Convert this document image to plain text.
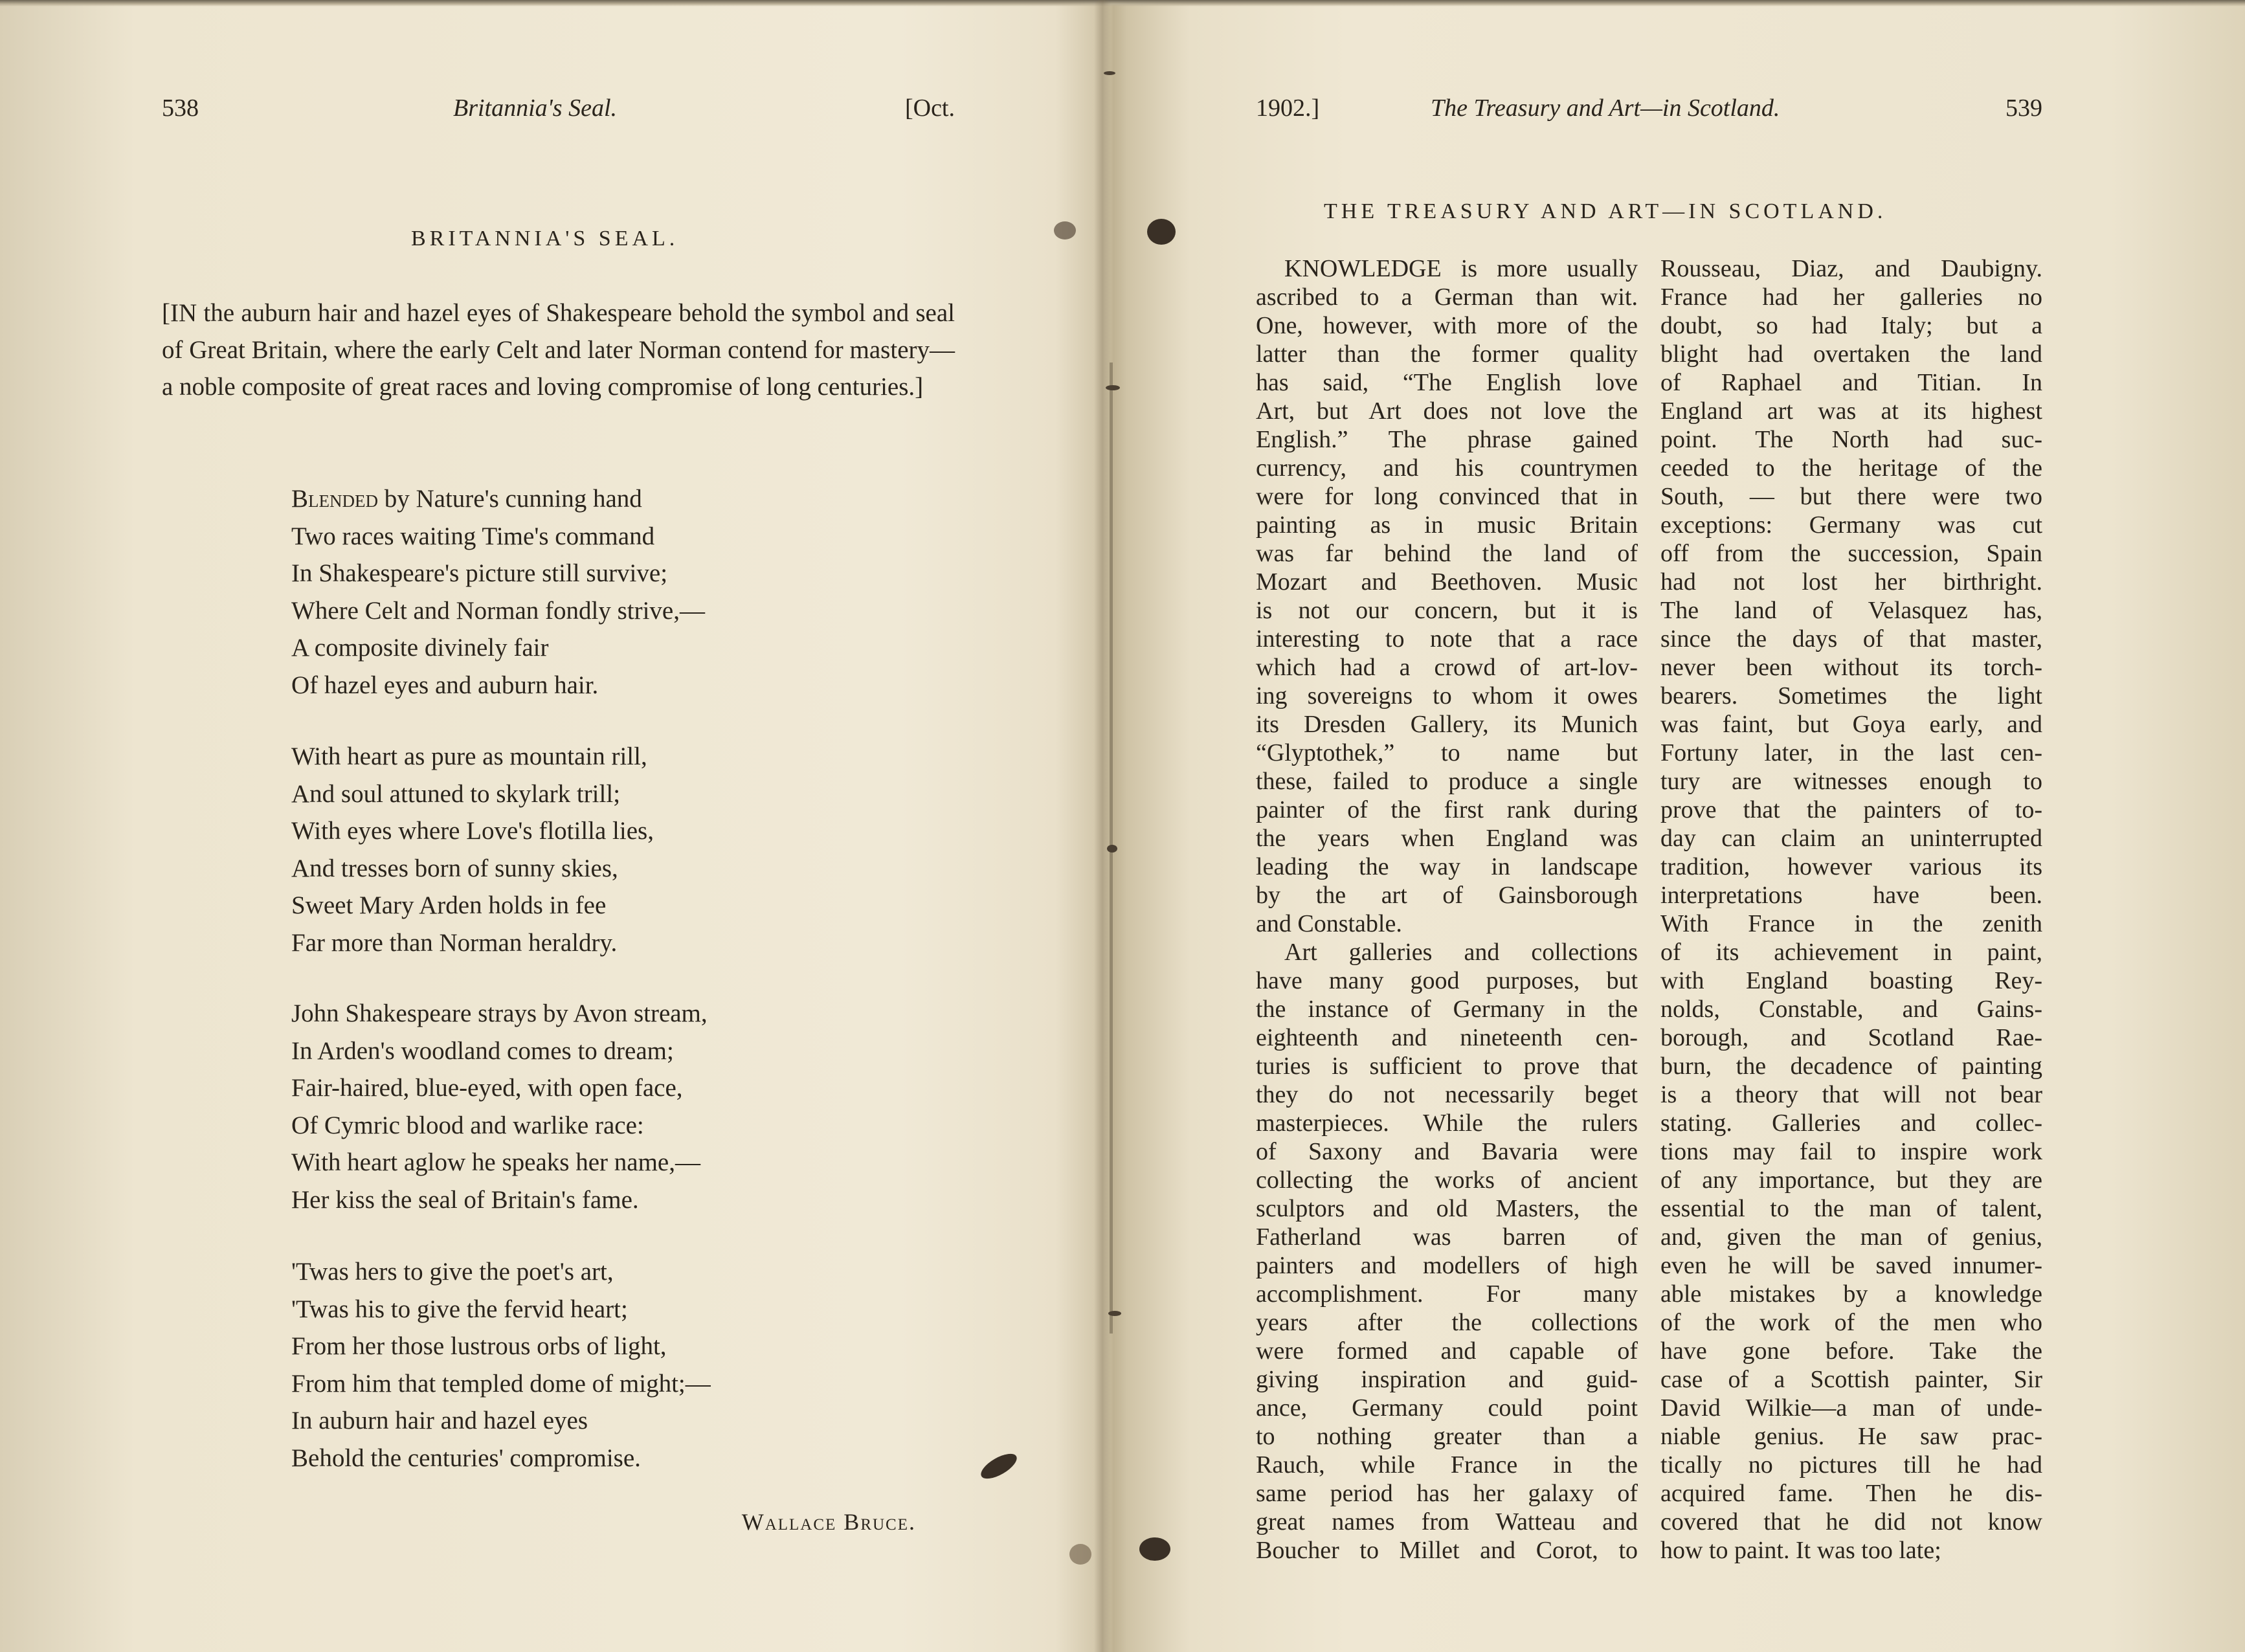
538	Britannia's Seal.	[Oct.
BRITANNIA'S SEAL.
[IN the auburn hair and hazel eyes of Shakespeare behold the symbol and seal of Great Britain, where the early Celt and later Norman contend for mastery—a noble composite of great races and loving compromise of long centuries.]
Blended by Nature's cunning hand
Two races waiting Time's command
In Shakespeare's picture still survive;
Where Celt and Norman fondly strive,—
A composite divinely fair
Of hazel eyes and auburn hair.
With heart as pure as mountain rill,
And soul attuned to skylark trill;
With eyes where Love's flotilla lies,
And tresses born of sunny skies,
Sweet Mary Arden holds in fee
Far more than Norman heraldry.
John Shakespeare strays by Avon stream,
In Arden's woodland comes to dream;
Fair-haired, blue-eyed, with open face,
Of Cymric blood and warlike race:
With heart aglow he speaks her name,—
Her kiss the seal of Britain's fame.
'Twas hers to give the poet's art,
'Twas his to give the fervid heart;
From her those lustrous orbs of light,
From him that templed dome of might;—
In auburn hair and hazel eyes
Behold the centuries' compromise.
Wallace Bruce.
1902.]	The Treasury and Art—in Scotland.	539
THE TREASURY AND ART—IN SCOTLAND.
KNOWLEDGE is more usually
ascribed to a German than wit.
One, however, with more of the
latter than the former quality
has said, “The English love
Art, but Art does not love the
English.” The phrase gained
currency, and his countrymen
were for long convinced that in
painting as in music Britain
was far behind the land of
Mozart and Beethoven. Music
is not our concern, but it is
interesting to note that a race
which had a crowd of art-lov-
ing sovereigns to whom it owes
its Dresden Gallery, its Munich
“Glyptothek,” to name but
these, failed to produce a single
painter of the first rank during
the years when England was
leading the way in landscape
by the art of Gainsborough
and Constable.
Art galleries and collections
have many good purposes, but
the instance of Germany in the
eighteenth and nineteenth cen-
turies is sufficient to prove that
they do not necessarily beget
masterpieces. While the rulers
of Saxony and Bavaria were
collecting the works of ancient
sculptors and old Masters, the
Fatherland was barren of
painters and modellers of high
accomplishment. For many
years after the collections
were formed and capable of
giving inspiration and guid-
ance, Germany could point
to nothing greater than a
Rauch, while France in the
same period has her galaxy of
great names from Watteau and
Boucher to Millet and Corot, to
Rousseau, Diaz, and Daubigny.
France had her galleries no
doubt, so had Italy; but a
blight had overtaken the land
of Raphael and Titian. In
England art was at its highest
point. The North had suc-
ceeded to the heritage of the
South, — but there were two
exceptions: Germany was cut
off from the succession, Spain
had not lost her birthright.
The land of Velasquez has,
since the days of that master,
never been without its torch-
bearers. Sometimes the light
was faint, but Goya early, and
Fortuny later, in the last cen-
tury are witnesses enough to
prove that the painters of to-
day can claim an uninterrupted
tradition, however various its
interpretations have been.
With France in the zenith
of its achievement in paint,
with England boasting Rey-
nolds, Constable, and Gains-
borough, and Scotland Rae-
burn, the decadence of painting
is a theory that will not bear
stating. Galleries and collec-
tions may fail to inspire work
of any importance, but they are
essential to the man of talent,
and, given the man of genius,
even he will be saved innumer-
able mistakes by a knowledge
of the work of the men who
have gone before. Take the
case of a Scottish painter, Sir
David Wilkie—a man of unde-
niable genius. He saw prac-
tically no pictures till he had
acquired fame. Then he dis-
covered that he did not know
how to paint. It was too late;
